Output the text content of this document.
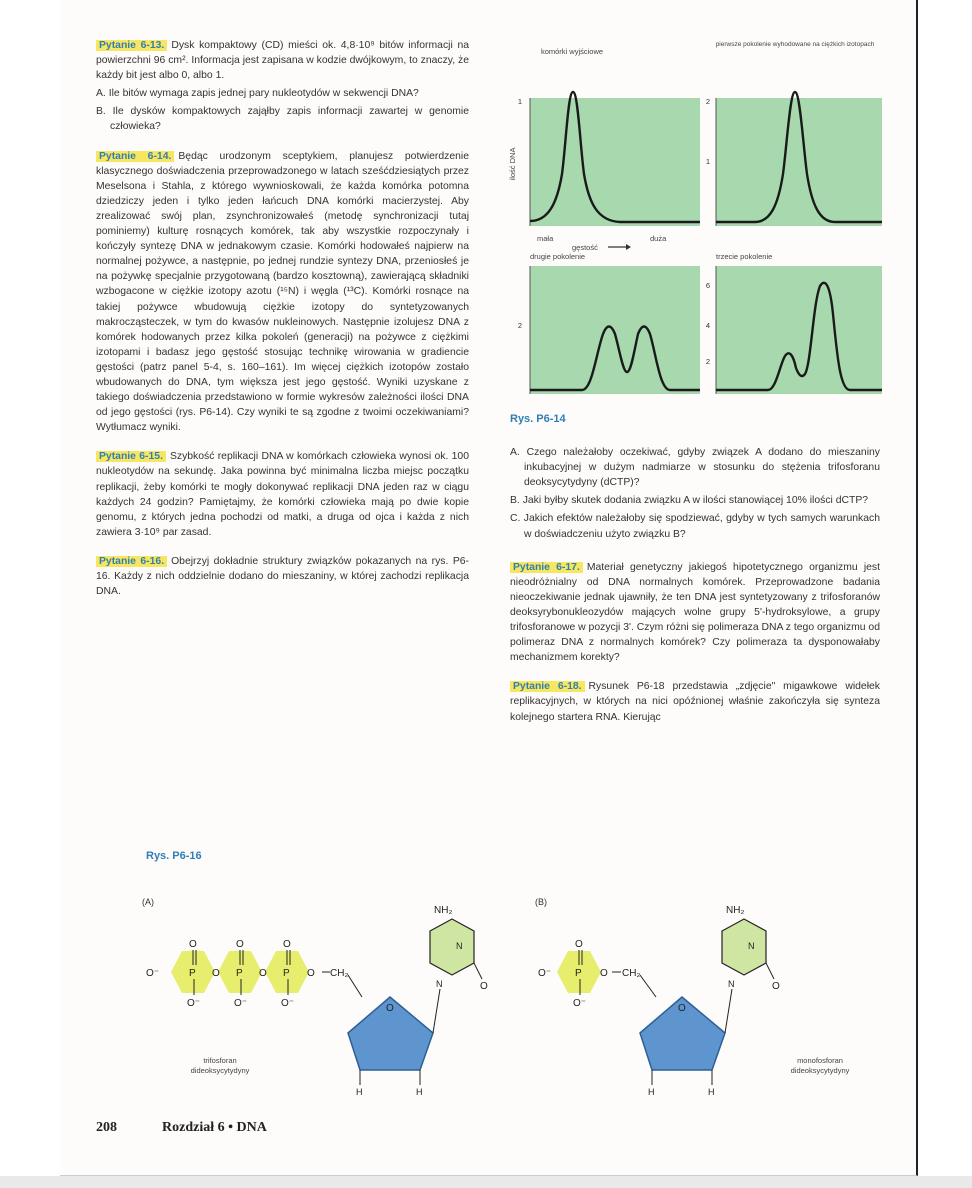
Pytanie 6-13. Dysk kompaktowy (CD) mieści ok. 4,8·10⁹ bitów informacji na powierzchni 96 cm². Informacja jest zapisana w kodzie dwójkowym, to znaczy, że każdy bit jest albo 0, albo 1.

A. Ile bitów wymaga zapis jednej pary nukleotydów w sekwencji DNA?

B. Ile dysków kompaktowych zająłby zapis informacji zawartej w genomie człowieka?

Pytanie 6-14. Będąc urodzonym sceptykiem, planujesz potwierdzenie klasycznego doświadczenia przeprowadzonego w latach sześćdziesiątych przez Meselsona i Stahla, z którego wywnioskowali, że każda komórka potomna dziedziczy jeden i tylko jeden łańcuch DNA komórki macierzystej. Aby zrealizować swój plan, zsynchronizowałeś (metodę synchronizacji tutaj pominiemy) kulturę rosnących komórek, tak aby wszystkie rozpoczynały i kończyły syntezę DNA w jednakowym czasie. Komórki hodowałeś najpierw na normalnej pożywce, a następnie, po jednej rundzie syntezy DNA, przeniosłeś je na pożywkę specjalnie przygotowaną (bardzo kosztowną), zawierającą składniki wzbogacone w ciężkie izotopy azotu (¹⁵N) i węgla (¹³C). Komórki rosnące na takiej pożywce wbudowują ciężkie izotopy do syntetyzowanych makrocząsteczek, w tym do kwasów nukleinowych. Następnie izolujesz DNA z komórek hodowanych przez kilka pokoleń (generacji) na pożywce z ciężkimi izotopami i badasz jego gęstość stosując technikę wirowania w gradiencie gęstości (patrz panel 5-4, s. 160–161). Im więcej ciężkich izotopów zostało wbudowanych do DNA, tym większa jest jego gęstość. Wyniki uzyskane z takiego doświadczenia przedstawiono w formie wykresów zależności ilości DNA od jego gęstości (rys. P6-14). Czy wyniki te są zgodne z twoimi oczekiwaniami? Wytłumacz wyniki.
Pytanie 6-15. Szybkość replikacji DNA w komórkach człowieka wynosi ok. 100 nukleotydów na sekundę. Jaka powinna być minimalna liczba miejsc początku replikacji, żeby komórki te mogły dokonywać replikacji DNA jeden raz w ciągu każdych 24 godzin? Pamiętajmy, że komórki człowieka mają po dwie kopie genomu, z których jedna pochodzi od matki, a druga od ojca i każda z nich zawiera 3·10⁹ par zasad.
Pytanie 6-16. Obejrzyj dokładnie struktury związków pokazanych na rys. P6-16. Każdy z nich oddzielnie dodano do mieszaniny, w której zachodzi replikacja DNA.
komórki wyjściowe
1
ilość DNA
mała	duża
gęstość
pierwsze pokolenie wyhodowane na ciężkich izotopach
2
1
drugie pokolenie
2
trzecie pokolenie
6
4
2
Rys. P6-14

A. Czego należałoby oczekiwać, gdyby związek A dodano do mieszaniny inkubacyjnej w dużym nadmiarze w stosunku do stężenia trifosforanu deoksycytydyny (dCTP)?

B. Jaki byłby skutek dodania związku A w ilości stanowiącej 10% ilości dCTP?

C. Jakich efektów należałoby się spodziewać, gdyby w tych samych warunkach w doświadczeniu użyto związku B?

Pytanie 6-17. Materiał genetyczny jakiegoś hipotetycznego organizmu jest nieodróżnialny od DNA normalnych komórek. Przeprowadzone badania nieoczekiwanie jednak ujawniły, że ten DNA jest syntetyzowany z trifosforanów deoksyrybonukleozydów mających wolne grupy 5'-hydroksylowe, a grupy trifosforanowe w pozycji 3'. Czym różni się polimeraza DNA z tego organizmu od polimeraz DNA z normalnych komórek? Czy polimeraza ta dysponowałaby mechanizmem korekty?
Pytanie 6-18. Rysunek P6-18 przedstawia „zdjęcie" migawkowe widełek replikacyjnych, w których na nici opóźnionej właśnie zakończyła się synteza kolejnego startera RNA. Kierując
Rys. P6-16
(A)
O	O	O
O⁻	P O P O P O CH₂
O⁻	O⁻	O⁻	O
H	H
NH₂
N
N	O
trifosforan
dideoksycytydyny
(B)
O
O⁻ P O CH₂
O⁻	O
H	H
NH₂
N
N	O
monofosforan
dideoksycytydyny
208	Rozdział 6 • DNA
